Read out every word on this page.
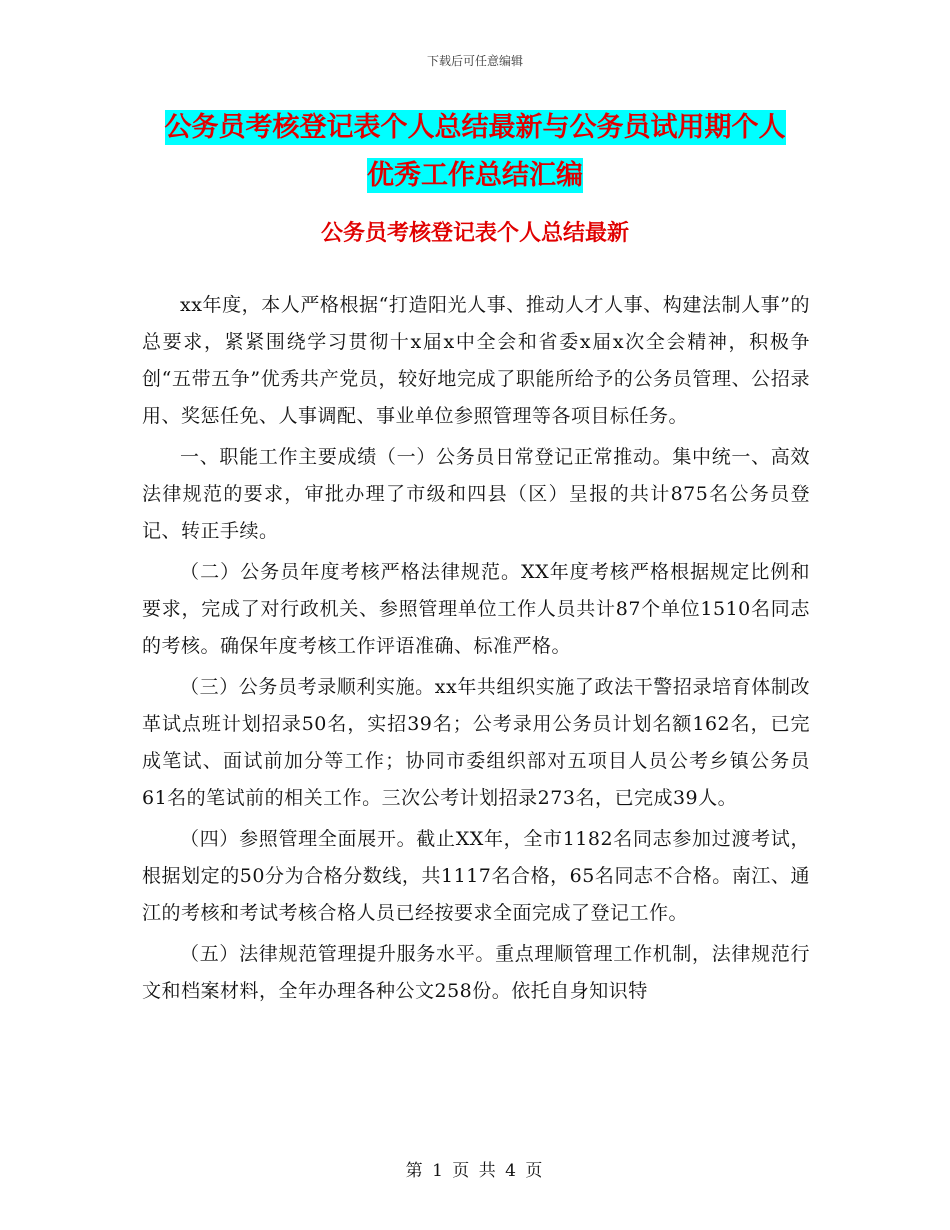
下载后可任意编辑
公务员考核登记表个人总结最新与公务员试用期个人
优秀工作总结汇编
公务员考核登记表个人总结最新

xx年度，本人严格根据“打造阳光人事、推动人才人事、构建法制人事”的总要求，紧紧围绕学习贯彻十x届x中全会和省委x届x次全会精神，积极争创“五带五争”优秀共产党员，较好地完成了职能所给予的公务员管理、公招录用、奖惩任免、人事调配、事业单位参照管理等各项目标任务。

一、职能工作主要成绩（一）公务员日常登记正常推动。集中统一、高效法律规范的要求，审批办理了市级和四县（区）呈报的共计875名公务员登记、转正手续。

（二）公务员年度考核严格法律规范。XX年度考核严格根据规定比例和要求，完成了对行政机关、参照管理单位工作人员共计87个单位1510名同志的考核。确保年度考核工作评语准确、标准严格。

（三）公务员考录顺利实施。xx年共组织实施了政法干警招录培育体制改革试点班计划招录50名，实招39名；公考录用公务员计划名额162名，已完成笔试、面试前加分等工作；协同市委组织部对五项目人员公考乡镇公务员61名的笔试前的相关工作。三次公考计划招录273名，已完成39人。

（四）参照管理全面展开。截止XX年，全市1182名同志参加过渡考试，根据划定的50分为合格分数线，共1117名合格，65名同志不合格。南江、通江的考核和考试考核合格人员已经按要求全面完成了登记工作。

（五）法律规范管理提升服务水平。重点理顺管理工作机制，法律规范行文和档案材料，全年办理各种公文258份。依托自身知识特

第 1 页 共 4 页
